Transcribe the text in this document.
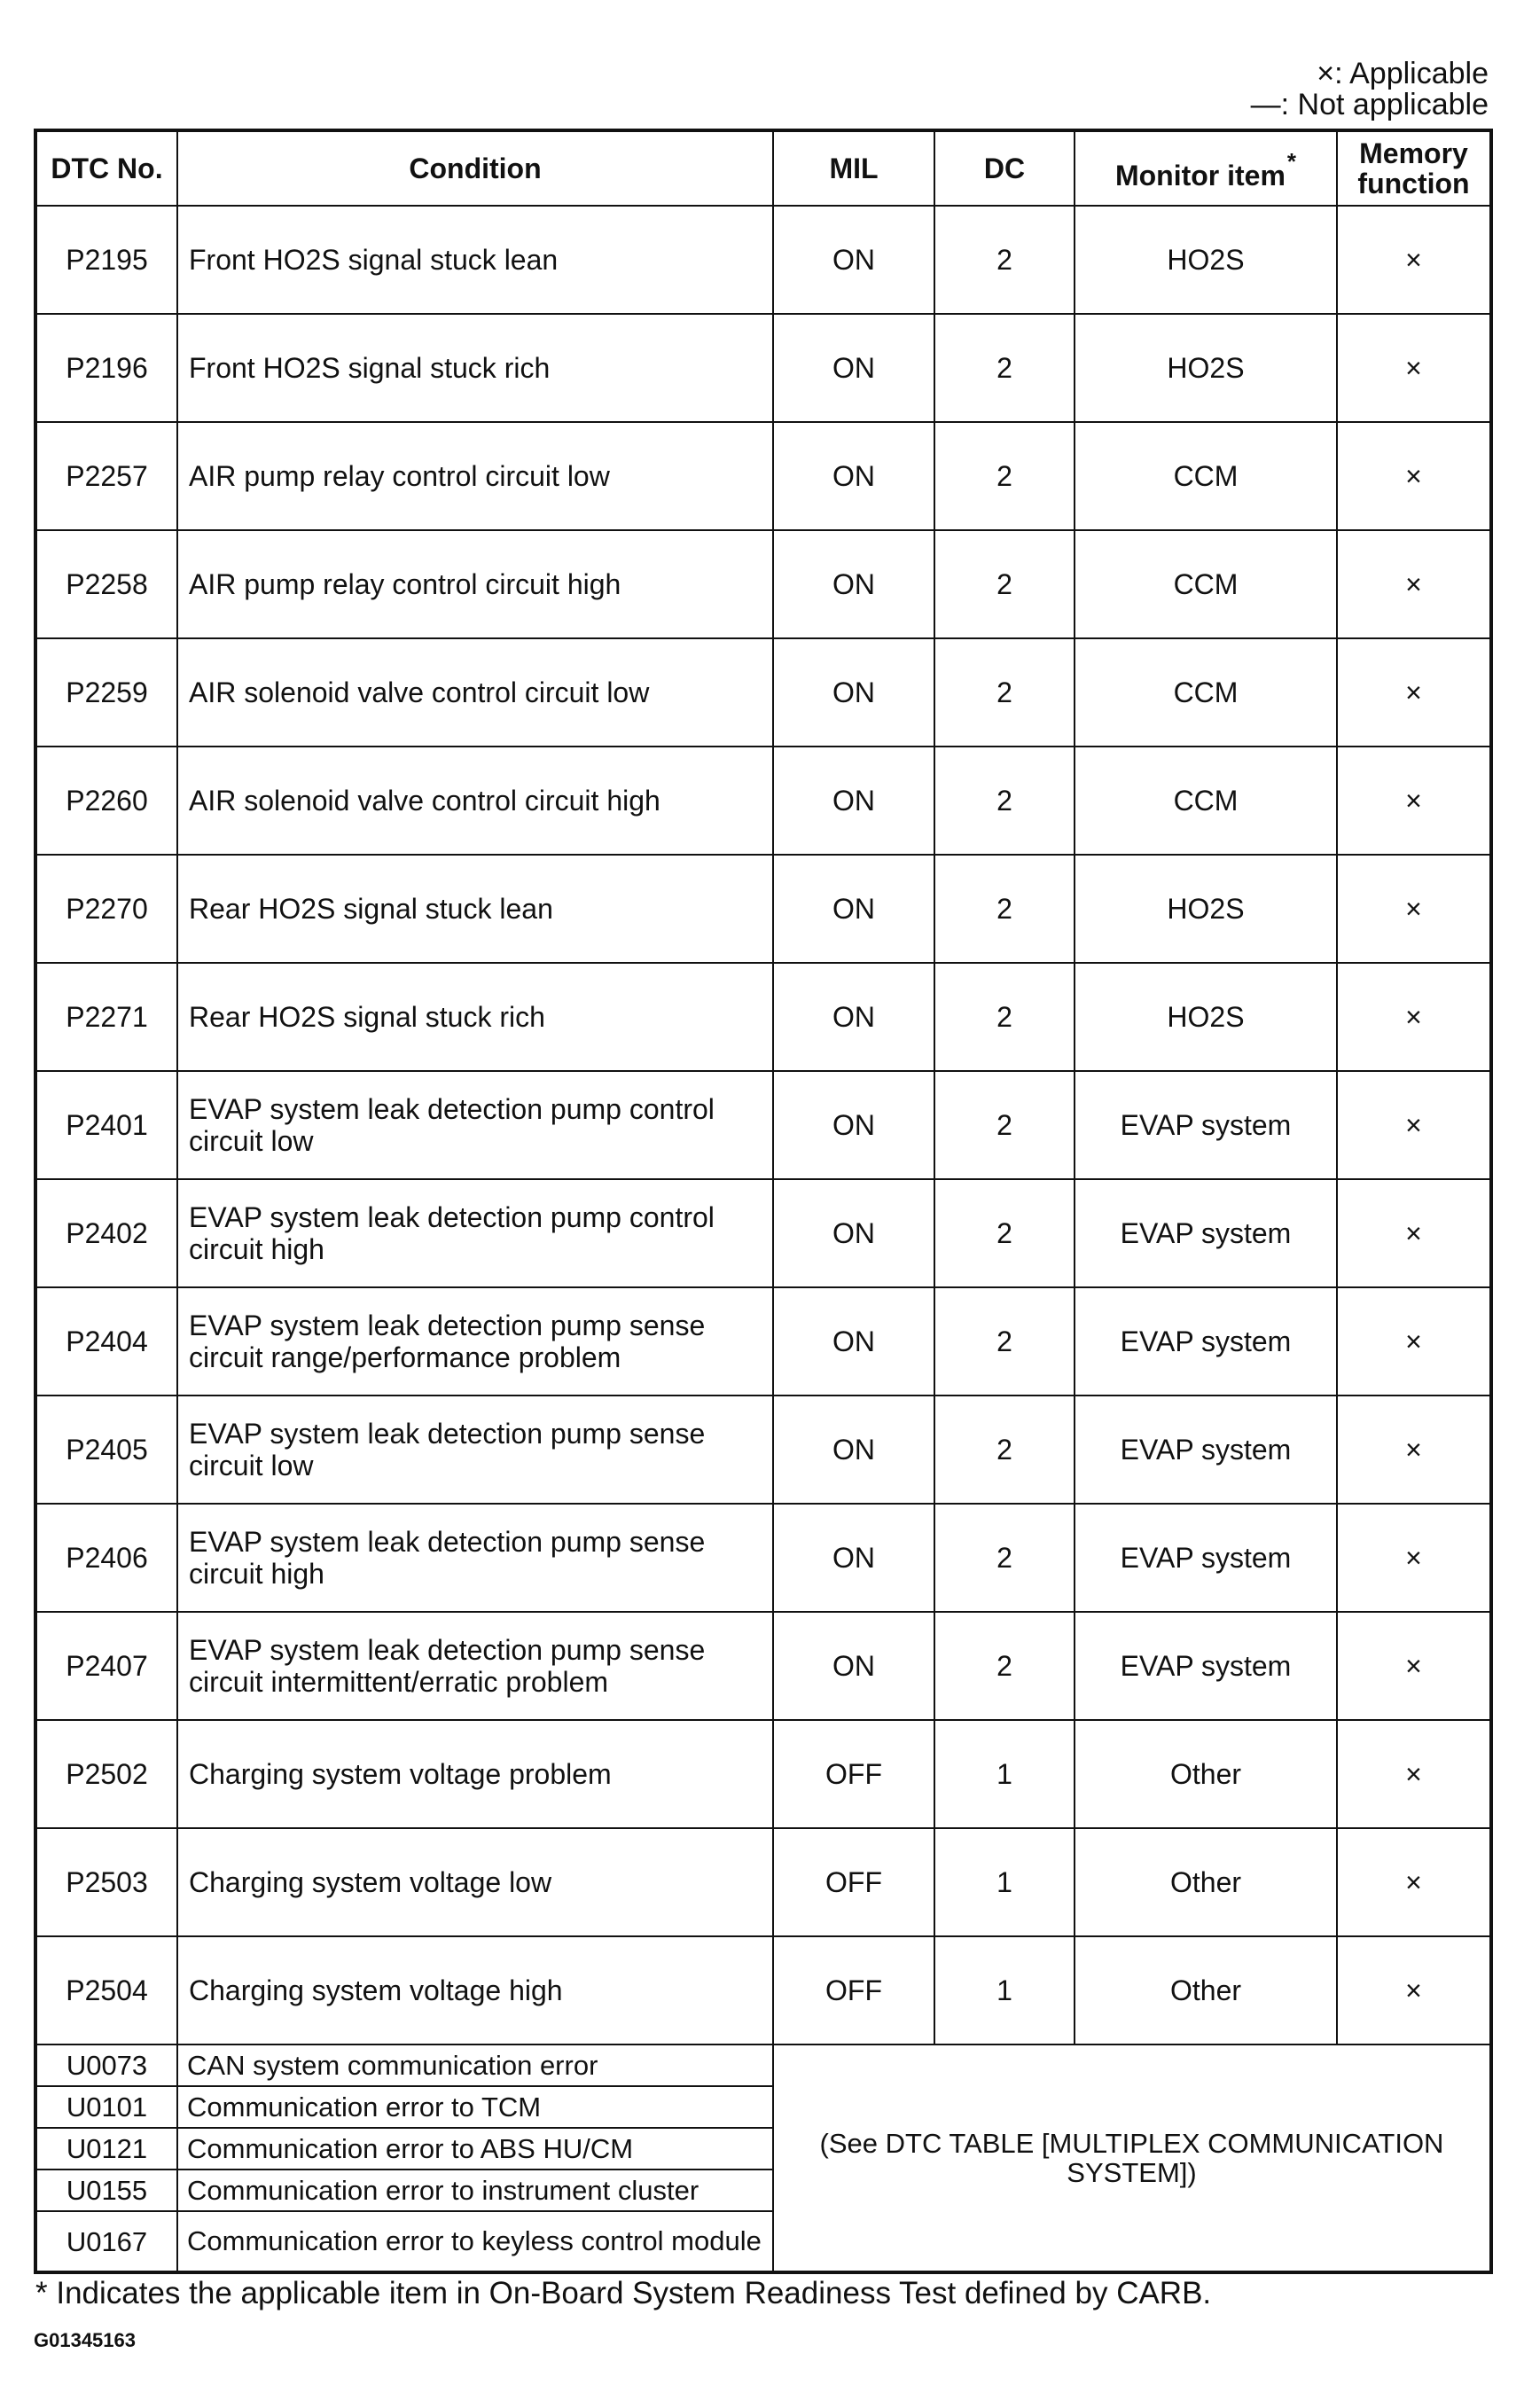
×: Applicable
—: Not applicable
DTC No.	Condition	MIL	DC	Monitor item*	Memory function
P2195	Front HO2S signal stuck lean	ON	2	HO2S	×
P2196	Front HO2S signal stuck rich	ON	2	HO2S	×
P2257	AIR pump relay control circuit low	ON	2	CCM	×
P2258	AIR pump relay control circuit high	ON	2	CCM	×
P2259	AIR solenoid valve control circuit low	ON	2	CCM	×
P2260	AIR solenoid valve control circuit high	ON	2	CCM	×
P2270	Rear HO2S signal stuck lean	ON	2	HO2S	×
P2271	Rear HO2S signal stuck rich	ON	2	HO2S	×
P2401	EVAP system leak detection pump control circuit low	ON	2	EVAP system	×
P2402	EVAP system leak detection pump control circuit high	ON	2	EVAP system	×
P2404	EVAP system leak detection pump sense circuit range/performance problem	ON	2	EVAP system	×
P2405	EVAP system leak detection pump sense circuit low	ON	2	EVAP system	×
P2406	EVAP system leak detection pump sense circuit high	ON	2	EVAP system	×
P2407	EVAP system leak detection pump sense circuit intermittent/erratic problem	ON	2	EVAP system	×
P2502	Charging system voltage problem	OFF	1	Other	×
P2503	Charging system voltage low	OFF	1	Other	×
P2504	Charging system voltage high	OFF	1	Other	×
U0073	CAN system communication error	(See DTC TABLE [MULTIPLEX COMMUNICATION SYSTEM])			
U0101	Communication error to TCM				
U0121	Communication error to ABS HU/CM				
U0155	Communication error to instrument cluster				
U0167	Communication error to keyless control module				
* Indicates the applicable item in On-Board System Readiness Test defined by CARB.
G01345163
